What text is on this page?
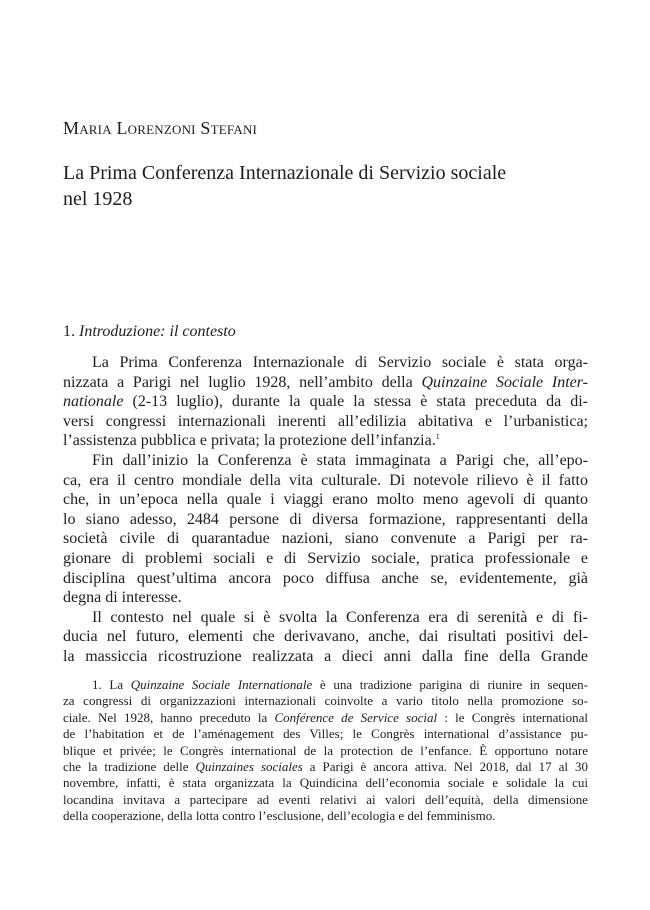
Maria Lorenzoni Stefani
La Prima Conferenza Internazionale di Servizio sociale
nel 1928
1. Introduzione: il contesto
La Prima Conferenza Internazionale di Servizio sociale è stata orga-
nizzata a Parigi nel luglio 1928, nell’ambito della Quinzaine Sociale Inter-
nationale (2-13 luglio), durante la quale la stessa è stata preceduta da di-
versi congressi internazionali inerenti all’edilizia abitativa e l’urbanistica;
l’assistenza pubblica e privata; la protezione dell’infanzia.$^1$
Fin dall’inizio la Conferenza è stata immaginata a Parigi che, all’epo-
ca, era il centro mondiale della vita culturale. Di notevole rilievo è il fatto
che, in un’epoca nella quale i viaggi erano molto meno agevoli di quanto
lo siano adesso, 2484 persone di diversa formazione, rappresentanti della
società civile di quarantadue nazioni, siano convenute a Parigi per ra-
gionare di problemi sociali e di Servizio sociale, pratica professionale e
disciplina quest’ultima ancora poco diffusa anche se, evidentemente, già
degna di interesse.
Il contesto nel quale si è svolta la Conferenza era di serenità e di fi-
ducia nel futuro, elementi che derivavano, anche, dai risultati positivi del-
la massiccia ricostruzione realizzata a dieci anni dalla fine della Grande
1. La Quinzaine Sociale Internationale è una tradizione parigina di riunire in sequen-
za congressi di organizzazioni internazionali coinvolte a vario titolo nella promozione so-
ciale. Nel 1928, hanno preceduto la Conférence de Service social : le Congrès international
de l’habitation et de l’aménagement des Villes; le Congrès international d’assistance pu-
blique et privée; le Congrès international de la protection de l’enfance. È opportuno notare
che la tradizione delle Quinzaines sociales a Parigi è ancora attiva. Nel 2018, dal 17 al 30
novembre, infatti, è stata organizzata la Quindicina dell’economia sociale e solidale la cui
locandina invitava a partecipare ad eventi relativi ai valori dell’equità, della dimensione
della cooperazione, della lotta contro l’esclusione, dell’ecologia e del femminismo.
